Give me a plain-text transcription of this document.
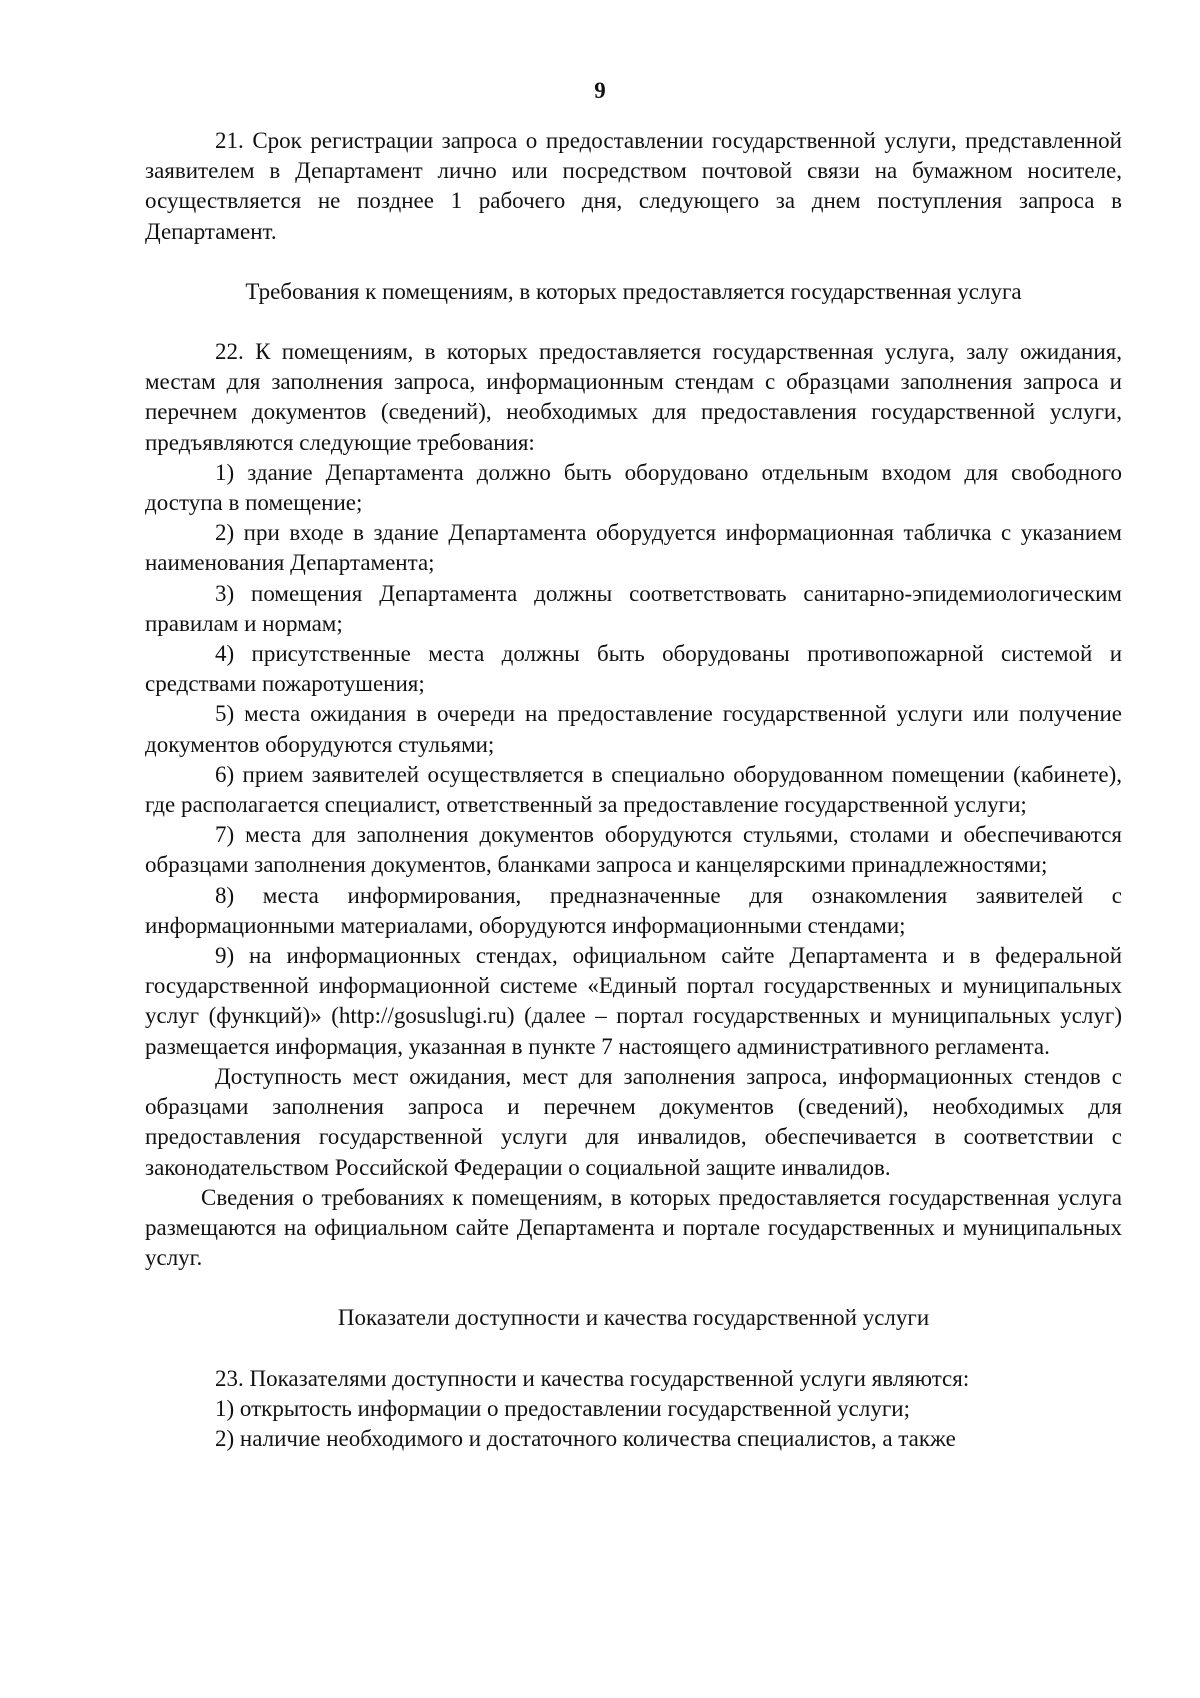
9

21. Срок регистрации запроса о предоставлении государственной услуги, представленной заявителем в Департамент лично или посредством почтовой связи на бумажном носителе, осуществляется не позднее 1 рабочего дня, следующего за днем поступления запроса в Департамент.

Требования к помещениям, в которых предоставляется государственная услуга

22. К помещениям, в которых предоставляется государственная услуга, залу ожидания, местам для заполнения запроса, информационным стендам с образцами заполнения запроса и перечнем документов (сведений), необходимых для предоставления государственной услуги, предъявляются следующие требования:

1) здание Департамента должно быть оборудовано отдельным входом для свободного доступа в помещение;

2) при входе в здание Департамента оборудуется информационная табличка с указанием наименования Департамента;

3) помещения Департамента должны соответствовать санитарно-эпидемиологическим правилам и нормам;

4) присутственные места должны быть оборудованы противопожарной системой и средствами пожаротушения;

5) места ожидания в очереди на предоставление государственной услуги или получение документов оборудуются стульями;

6) прием заявителей осуществляется в специально оборудованном помещении (кабинете), где располагается специалист, ответственный за предоставление государственной услуги;

7) места для заполнения документов оборудуются стульями, столами и обеспечиваются образцами заполнения документов, бланками запроса и канцелярскими принадлежностями;

8) места информирования, предназначенные для ознакомления заявителей с информационными материалами, оборудуются информационными стендами;

9) на информационных стендах, официальном сайте Департамента и в федеральной государственной информационной системе «Единый портал государственных и муниципальных услуг (функций)» (http://gosuslugi.ru) (далее – портал государственных и муниципальных услуг) размещается информация, указанная в пункте 7 настоящего административного регламента.

Доступность мест ожидания, мест для заполнения запроса, информационных стендов с образцами заполнения запроса и перечнем документов (сведений), необходимых для предоставления государственной услуги для инвалидов, обеспечивается в соответствии с законодательством Российской Федерации о социальной защите инвалидов.

Сведения о требованиях к помещениям, в которых предоставляется государственная услуга размещаются на официальном сайте Департамента и портале государственных и муниципальных услуг.

Показатели доступности и качества государственной услуги

23. Показателями доступности и качества государственной услуги являются:

1) открытость информации о предоставлении государственной услуги;

2) наличие необходимого и достаточного количества специалистов, а также
